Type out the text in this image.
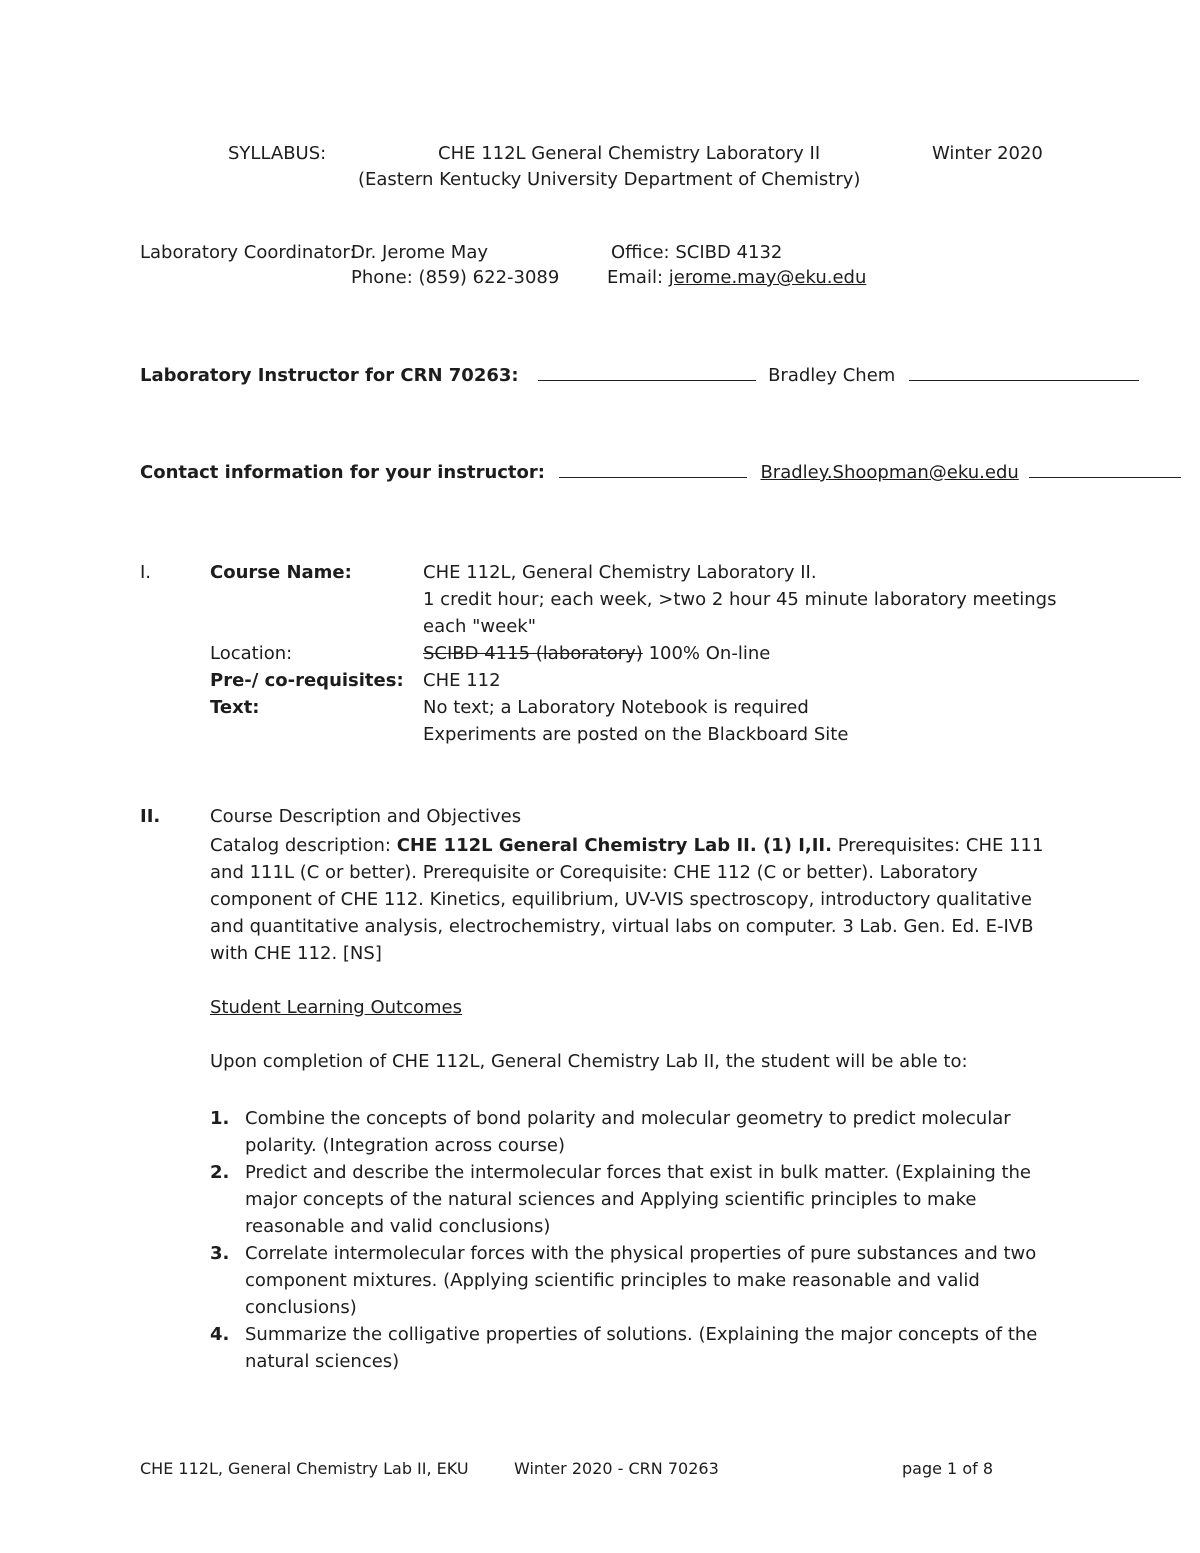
SYLLABUS:	CHE 112L General Chemistry Laboratory II	Winter 2020
(Eastern Kentucky University Department of Chemistry)
Laboratory Coordinator:
Dr. Jerome May
Phone: (859) 622-3089
Office: SCIBD 4132
Email: jerome.may@eku.edu
Laboratory Instructor for CRN 70263:	Bradley Chem
Contact information for your instructor:	Bradley.Shoopman@eku.edu
I.	Course Name:	CHE 112L, General Chemistry Laboratory II.
1 credit hour; each week, >two 2 hour 45 minute laboratory meetings
each "week"
Location:	SCIBD 4115 (laboratory) 100% On-line
Pre-/ co-requisites: CHE 112
Text:	No text; a Laboratory Notebook is required
Experiments are posted on the Blackboard Site
II.	Course Description and Objectives
Catalog description: CHE 112L General Chemistry Lab II. (1) I,II. Prerequisites: CHE 111 and 111L (C or better). Prerequisite or Corequisite: CHE 112 (C or better). Laboratory component of CHE 112. Kinetics, equilibrium, UV-VIS spectroscopy, introductory qualitative and quantitative analysis, electrochemistry, virtual labs on computer. 3 Lab. Gen. Ed. E-IVB with CHE 112. [NS]
Student Learning Outcomes
Upon completion of CHE 112L, General Chemistry Lab II, the student will be able to:
1. Combine the concepts of bond polarity and molecular geometry to predict molecular polarity. (Integration across course)
2. Predict and describe the intermolecular forces that exist in bulk matter. (Explaining the major concepts of the natural sciences and Applying scientific principles to make reasonable and valid conclusions)
3. Correlate intermolecular forces with the physical properties of pure substances and two component mixtures. (Applying scientific principles to make reasonable and valid conclusions)
4. Summarize the colligative properties of solutions. (Explaining the major concepts of the natural sciences)
CHE 112L, General Chemistry Lab II, EKU	Winter 2020 - CRN 70263	page 1 of 8
